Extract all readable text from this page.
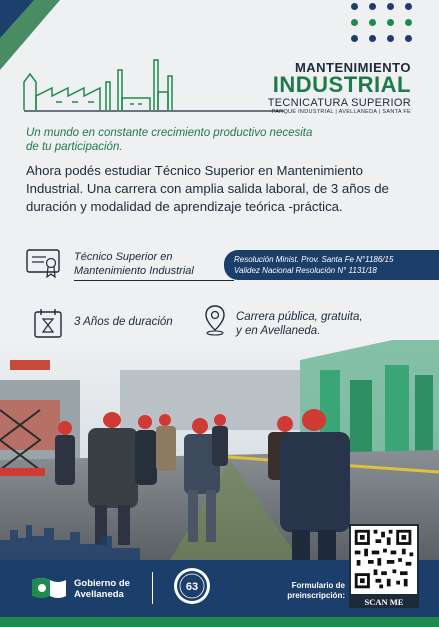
MANTENIMIENTO
INDUSTRIAL
TECNICATURA SUPERIOR
PARQUE INDUSTRIAL | AVELLANEDA | SANTA FE
Un mundo en constante crecimiento productivo necesita de tu participación.
Ahora podés estudiar Técnico Superior en Mantenimiento Industrial. Una carrera con amplia salida laboral, de 3 años de duración y modalidad de aprendizaje teórica -práctica.
Técnico Superior en
Mantenimiento Industrial
Resolución Minist. Prov. Santa Fe N°1186/15
Validez Nacional Resolución N° 1131/18
3 Años de duración	Carrera pública, gratuita,
y en Avellaneda.
Gobierno de
Avellaneda
63	Formulario de
preinscripción:
SCAN ME
